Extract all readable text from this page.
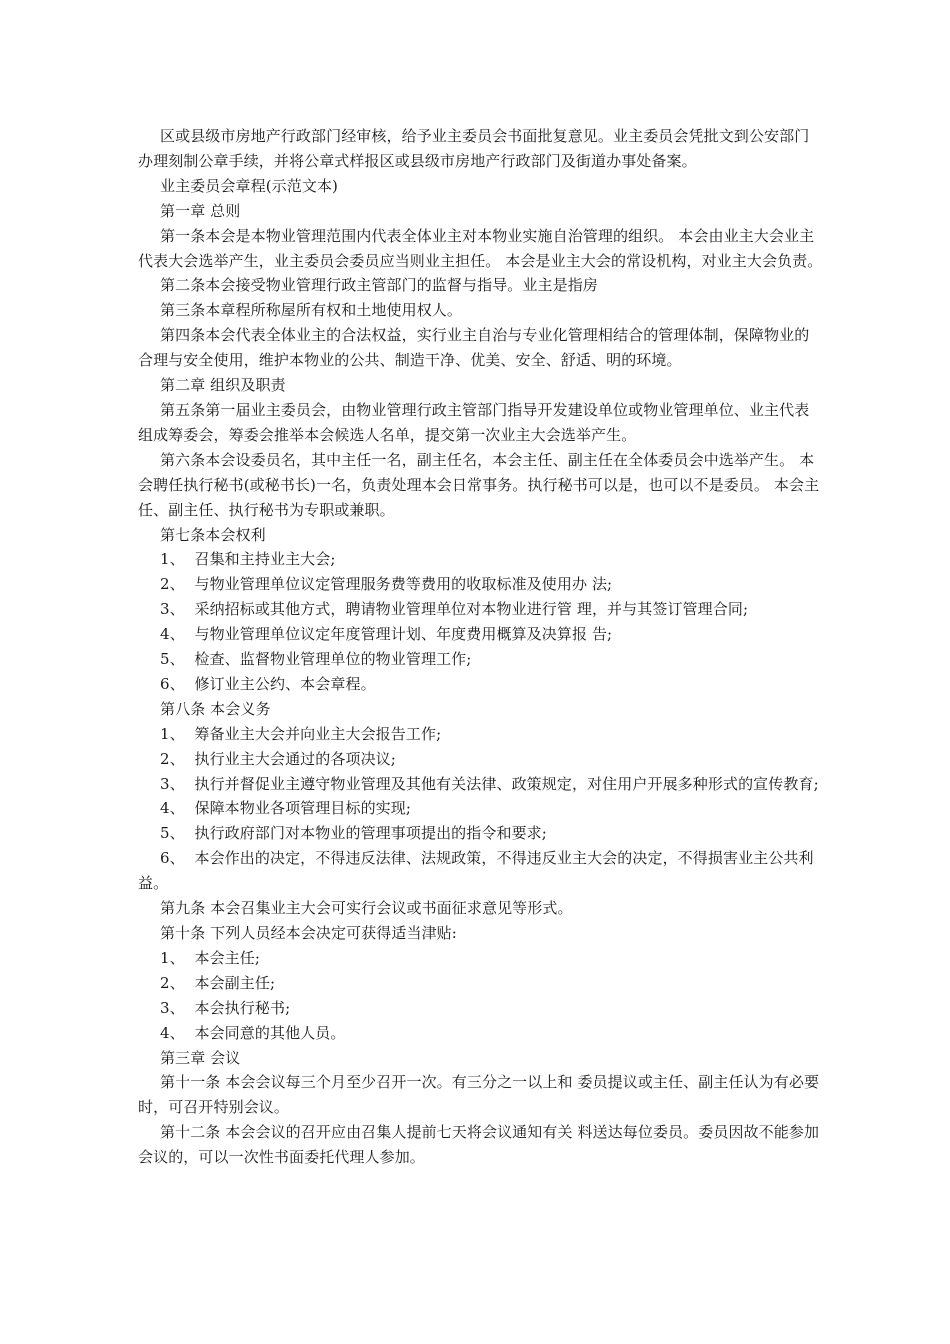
区或县级市房地产行政部门经审核，给予业主委员会书面批复意见。业主委员会凭批文到公安部门办理刻制公章手续，并将公章式样报区或县级市房地产行政部门及街道办事处备案。

业主委员会章程(示范文本)

第一章 总则

第一条本会是本物业管理范围内代表全体业主对本物业实施自治管理的组织。 本会由业主大会业主代表大会选举产生，业主委员会委员应当则业主担任。 本会是业主大会的常设机构，对业主大会负责。

第二条本会接受物业管理行政主管部门的监督与指导。业主是指房

第三条本章程所称屋所有权和土地使用权人。

第四条本会代表全体业主的合法权益，实行业主自治与专业化管理相结合的管理体制，保障物业的合理与安全使用，维护本物业的公共、制造干净、优美、安全、舒适、明的环境。

第二章 组织及职责

第五条第一届业主委员会，由物业管理行政主管部门指导开发建设单位或物业管理单位、业主代表组成筹委会，筹委会推举本会候选人名单，提交第一次业主大会选举产生。

第六条本会设委员名，其中主任一名，副主任名，本会主任、副主任在全体委员会中选举产生。 本会聘任执行秘书(或秘书长)一名，负责处理本会日常事务。执行秘书可以是，也可以不是委员。 本会主任、副主任、执行秘书为专职或兼职。

第七条本会权利

1、  召集和主持业主大会;

2、  与物业管理单位议定管理服务费等费用的收取标准及使用办 法;

3、  采纳招标或其他方式，聘请物业管理单位对本物业进行管 理，并与其签订管理合同;

4、  与物业管理单位议定年度管理计划、年度费用概算及决算报 告;

5、  检查、监督物业管理单位的物业管理工作;

6、  修订业主公约、本会章程。

第八条 本会义务

1、  筹备业主大会并向业主大会报告工作;

2、  执行业主大会通过的各项决议;

3、  执行并督促业主遵守物业管理及其他有关法律、政策规定，对住用户开展多种形式的宣传教育;

4、  保障本物业各项管理目标的实现;

5、  执行政府部门对本物业的管理事项提出的指令和要求;

6、  本会作出的决定，不得违反法律、法规政策，不得违反业主大会的决定，不得损害业主公共利益。

第九条 本会召集业主大会可实行会议或书面征求意见等形式。

第十条 下列人员经本会决定可获得适当津贴:

1、  本会主任;

2、  本会副主任;

3、  本会执行秘书;

4、  本会同意的其他人员。

第三章 会议

第十一条 本会会议每三个月至少召开一次。有三分之一以上和 委员提议或主任、副主任认为有必要时，可召开特别会议。

第十二条 本会会议的召开应由召集人提前七天将会议通知有关 料送达每位委员。委员因故不能参加会议的，可以一次性书面委托代理人参加。
